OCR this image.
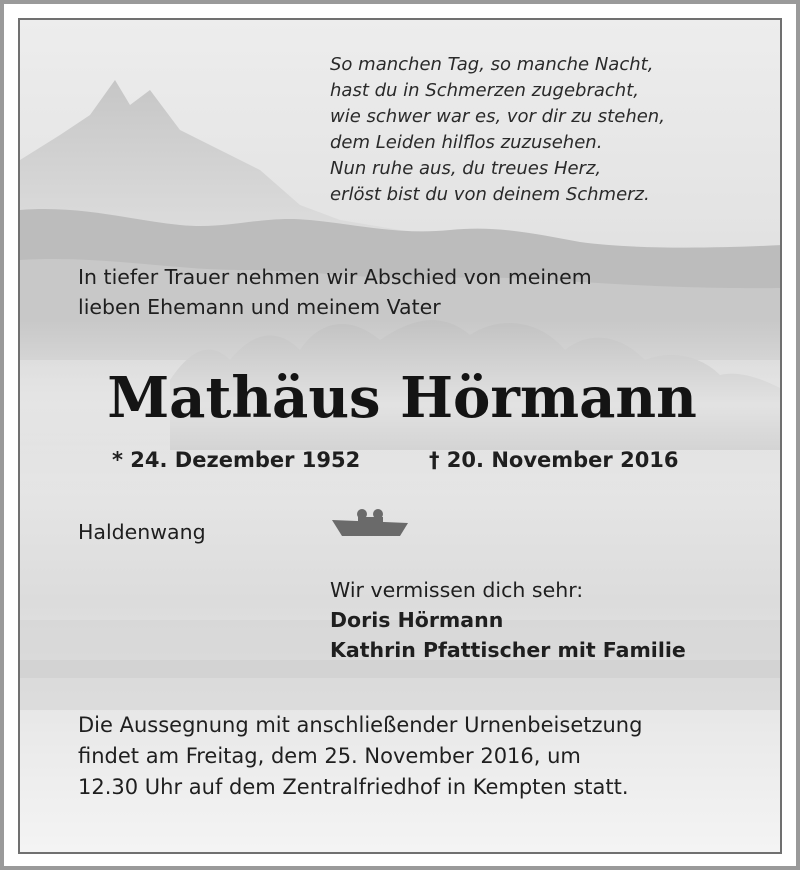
So manchen Tag, so manche Nacht,
hast du in Schmerzen zugebracht,
wie schwer war es, vor dir zu stehen,
dem Leiden hilflos zuzusehen.
Nun ruhe aus, du treues Herz,
erlöst bist du von deinem Schmerz.
In tiefer Trauer nehmen wir Abschied von meinem
lieben Ehemann und meinem Vater
Mathäus Hörmann
* 24. Dezember 1952	† 20. November 2016
Haldenwang
Wir vermissen dich sehr:
Doris Hörmann
Kathrin Pfattischer mit Familie
Die Aussegnung mit anschließender Urnenbeisetzung
findet am Freitag, dem 25. November 2016, um
12.30 Uhr auf dem Zentralfriedhof in Kempten statt.
